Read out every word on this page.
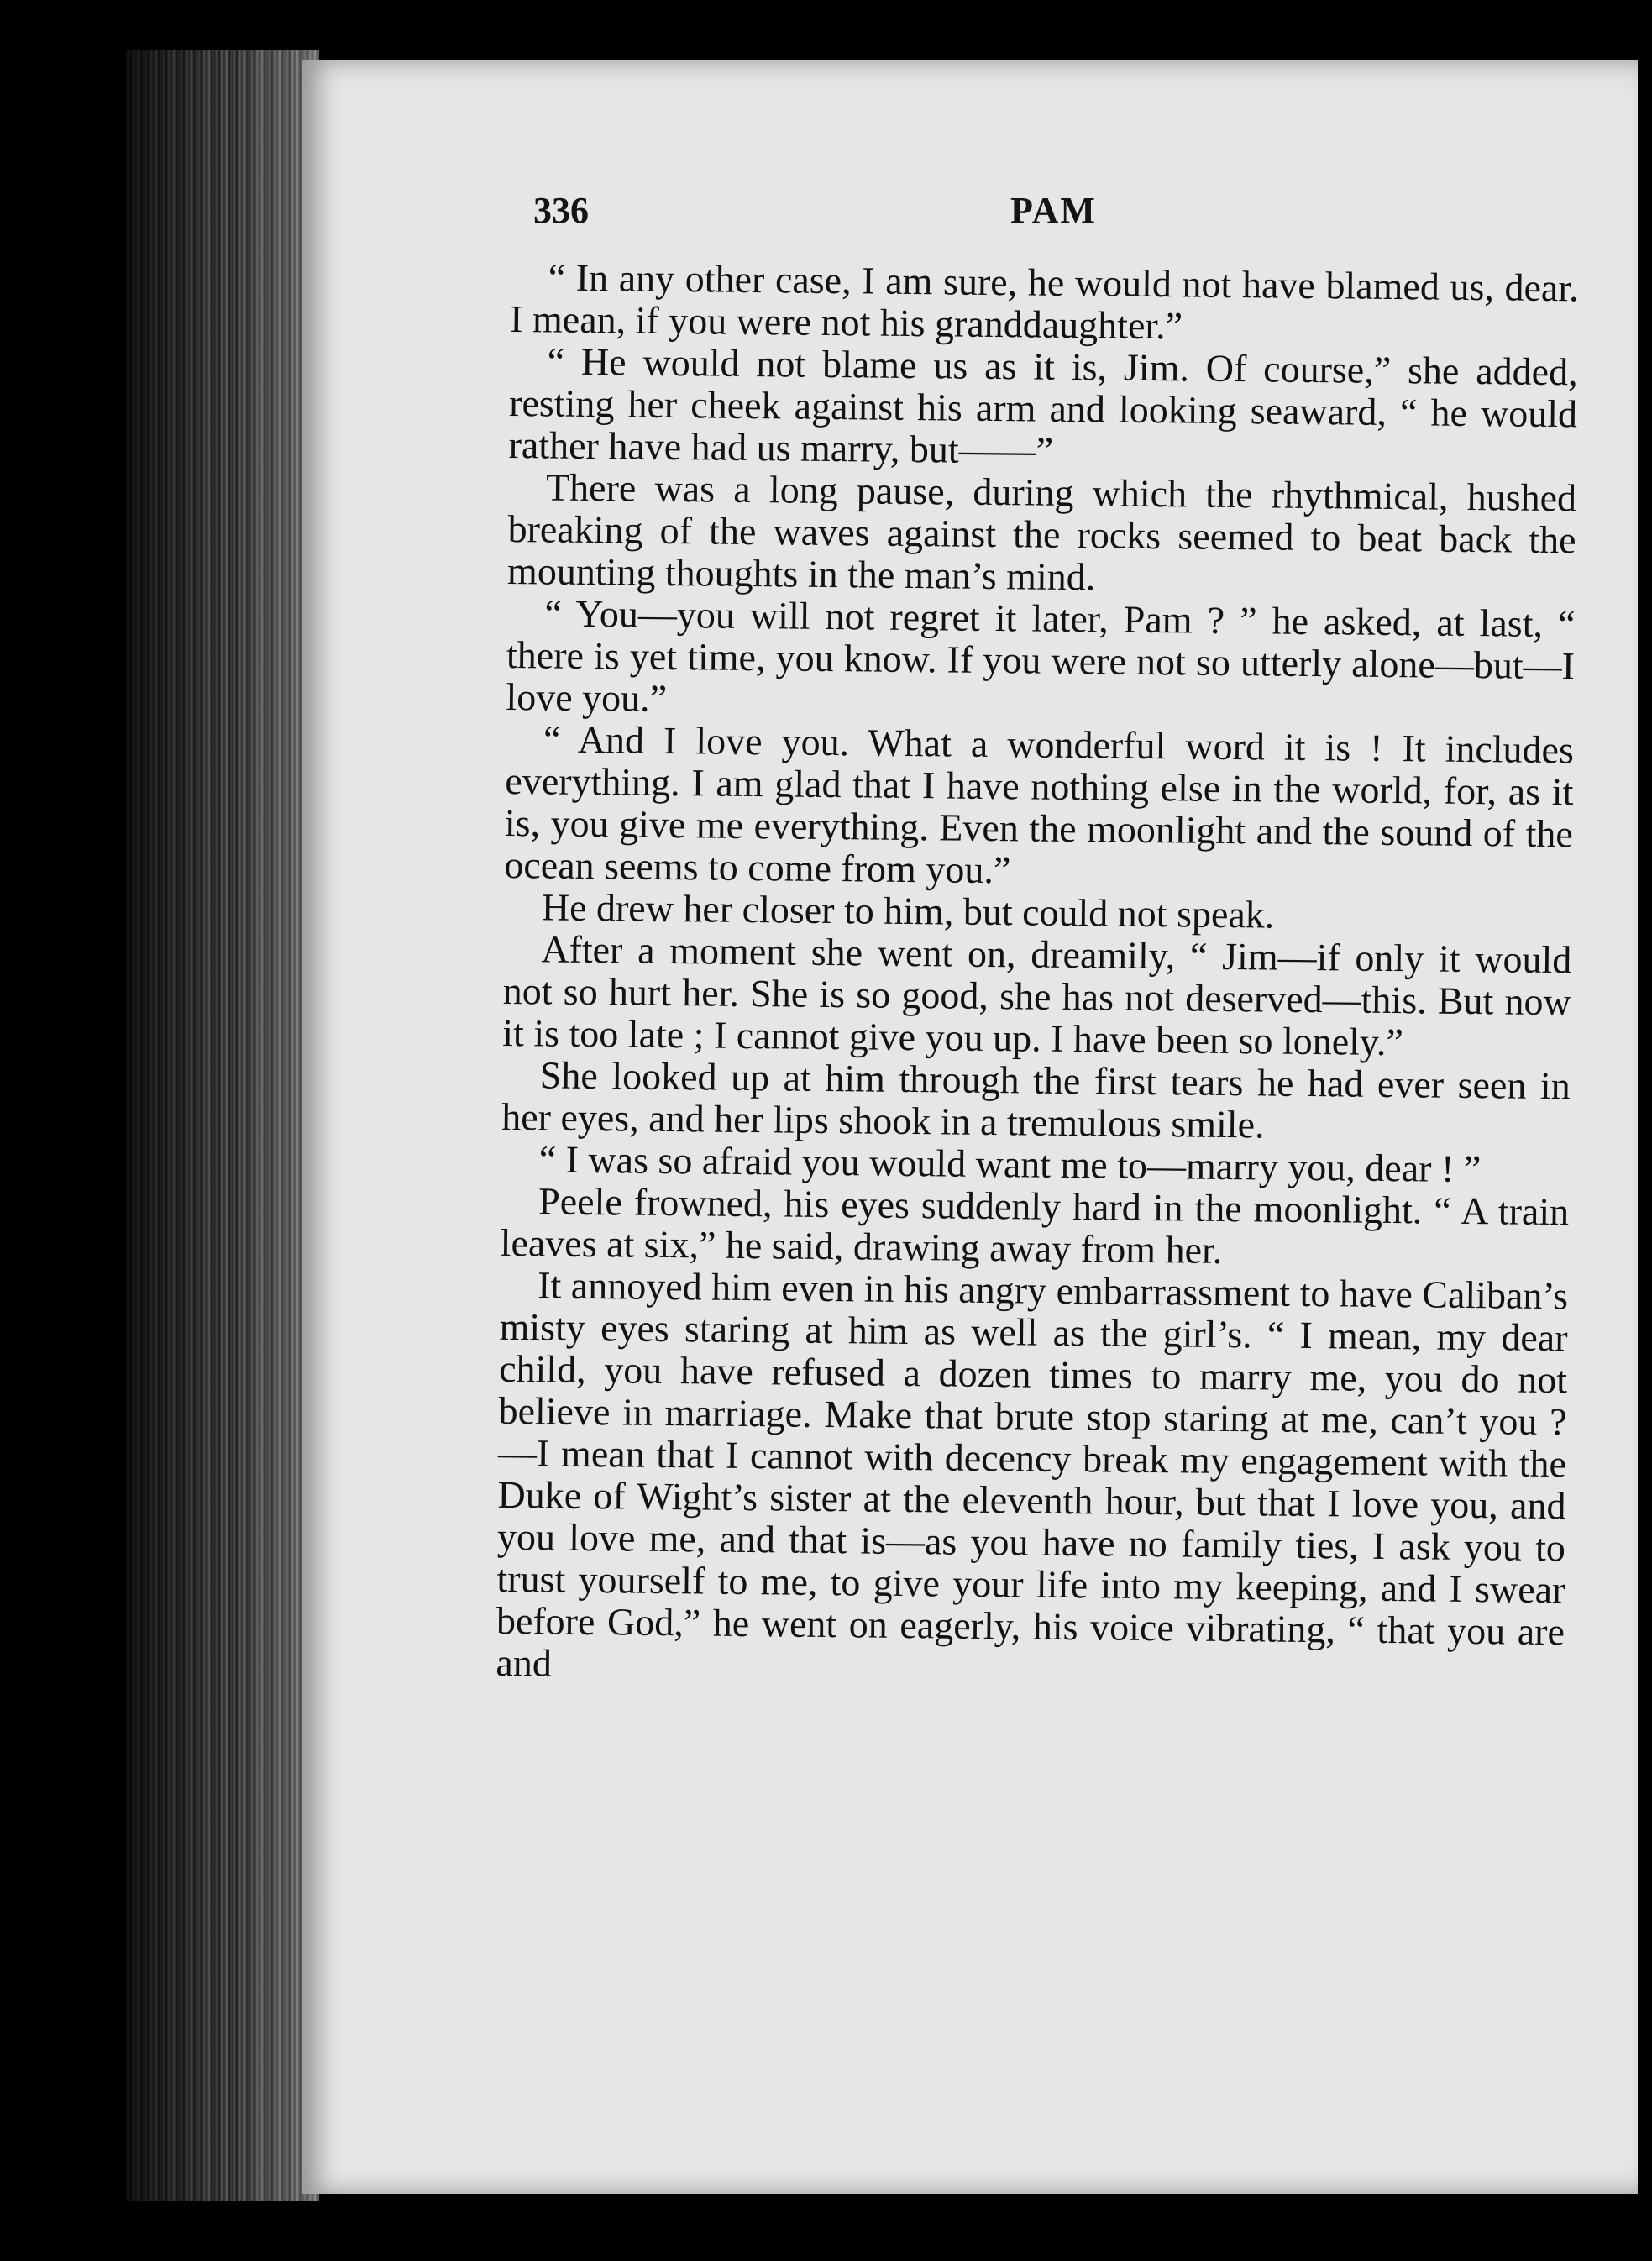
336	PAM

“ In any other case, I am sure, he would not have blamed us, dear. I mean, if you were not his granddaughter.”

“ He would not blame us as it is, Jim. Of course,” she added, resting her cheek against his arm and looking seaward, “ he would rather have had us marry, but——”

There was a long pause, during which the rhythmical, hushed breaking of the waves against the rocks seemed to beat back the mounting thoughts in the man’s mind.

“ You—you will not regret it later, Pam ? ” he asked, at last, “ there is yet time, you know. If you were not so utterly alone—but—I love you.”

“ And I love you. What a wonderful word it is ! It includes everything. I am glad that I have nothing else in the world, for, as it is, you give me everything. Even the moonlight and the sound of the ocean seems to come from you.”

He drew her closer to him, but could not speak.

After a moment she went on, dreamily, “ Jim—if only it would not so hurt her. She is so good, she has not deserved—this. But now it is too late ; I cannot give you up. I have been so lonely.”

She looked up at him through the first tears he had ever seen in her eyes, and her lips shook in a tremulous smile.

“ I was so afraid you would want me to—marry you, dear ! ”

Peele frowned, his eyes suddenly hard in the moonlight. “ A train leaves at six,” he said, drawing away from her.

It annoyed him even in his angry embarrassment to have Caliban’s misty eyes staring at him as well as the girl’s. “ I mean, my dear child, you have refused a dozen times to marry me, you do not believe in marriage. Make that brute stop staring at me, can’t you ?—I mean that I cannot with decency break my engagement with the Duke of Wight’s sister at the eleventh hour, but that I love you, and you love me, and that is—as you have no family ties, I ask you to trust yourself to me, to give your life into my keeping, and I swear before God,” he went on eagerly, his voice vibrating, “ that you are and
